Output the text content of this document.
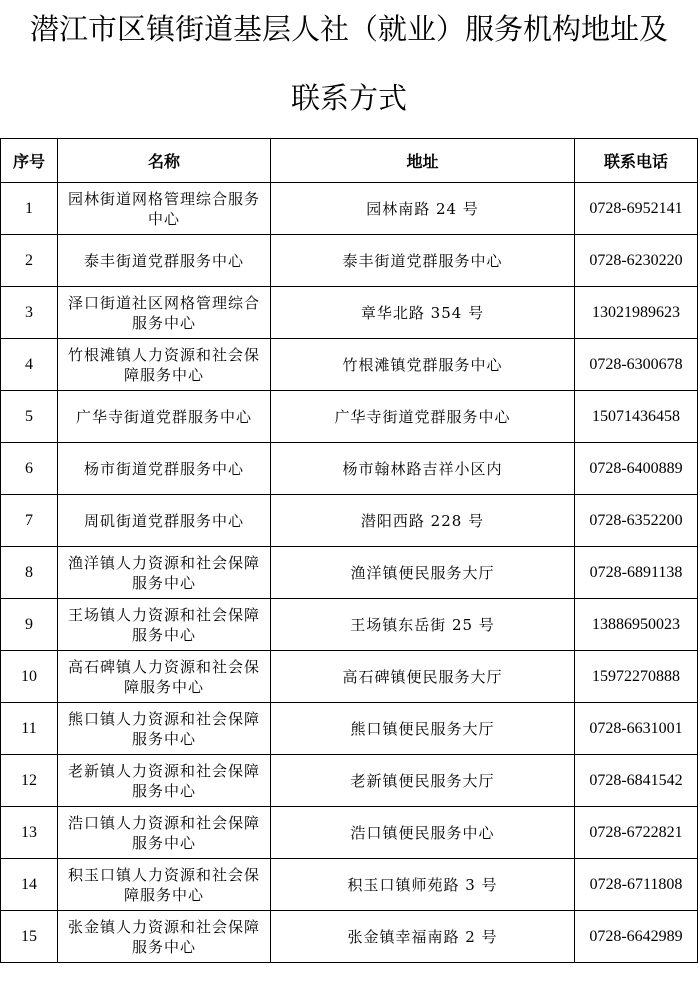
潜江市区镇街道基层人社（就业）服务机构地址及
联系方式
序号	名称	地址	联系电话
1	园林街道网格管理综合服务中心	园林南路 24 号	0728-6952141
2	泰丰街道党群服务中心	泰丰街道党群服务中心	0728-6230220
3	泽口街道社区网格管理综合服务中心	章华北路 354 号	13021989623
4	竹根滩镇人力资源和社会保障服务中心	竹根滩镇党群服务中心	0728-6300678
5	广华寺街道党群服务中心	广华寺街道党群服务中心	15071436458
6	杨市街道党群服务中心	杨市翰林路吉祥小区内	0728-6400889
7	周矶街道党群服务中心	潜阳西路 228 号	0728-6352200
8	渔洋镇人力资源和社会保障服务中心	渔洋镇便民服务大厅	0728-6891138
9	王场镇人力资源和社会保障服务中心	王场镇东岳街 25 号	13886950023
10	高石碑镇人力资源和社会保障服务中心	高石碑镇便民服务大厅	15972270888
11	熊口镇人力资源和社会保障服务中心	熊口镇便民服务大厅	0728-6631001
12	老新镇人力资源和社会保障服务中心	老新镇便民服务大厅	0728-6841542
13	浩口镇人力资源和社会保障服务中心	浩口镇便民服务中心	0728-6722821
14	积玉口镇人力资源和社会保障服务中心	积玉口镇师苑路 3 号	0728-6711808
15	张金镇人力资源和社会保障服务中心	张金镇幸福南路 2 号	0728-6642989
